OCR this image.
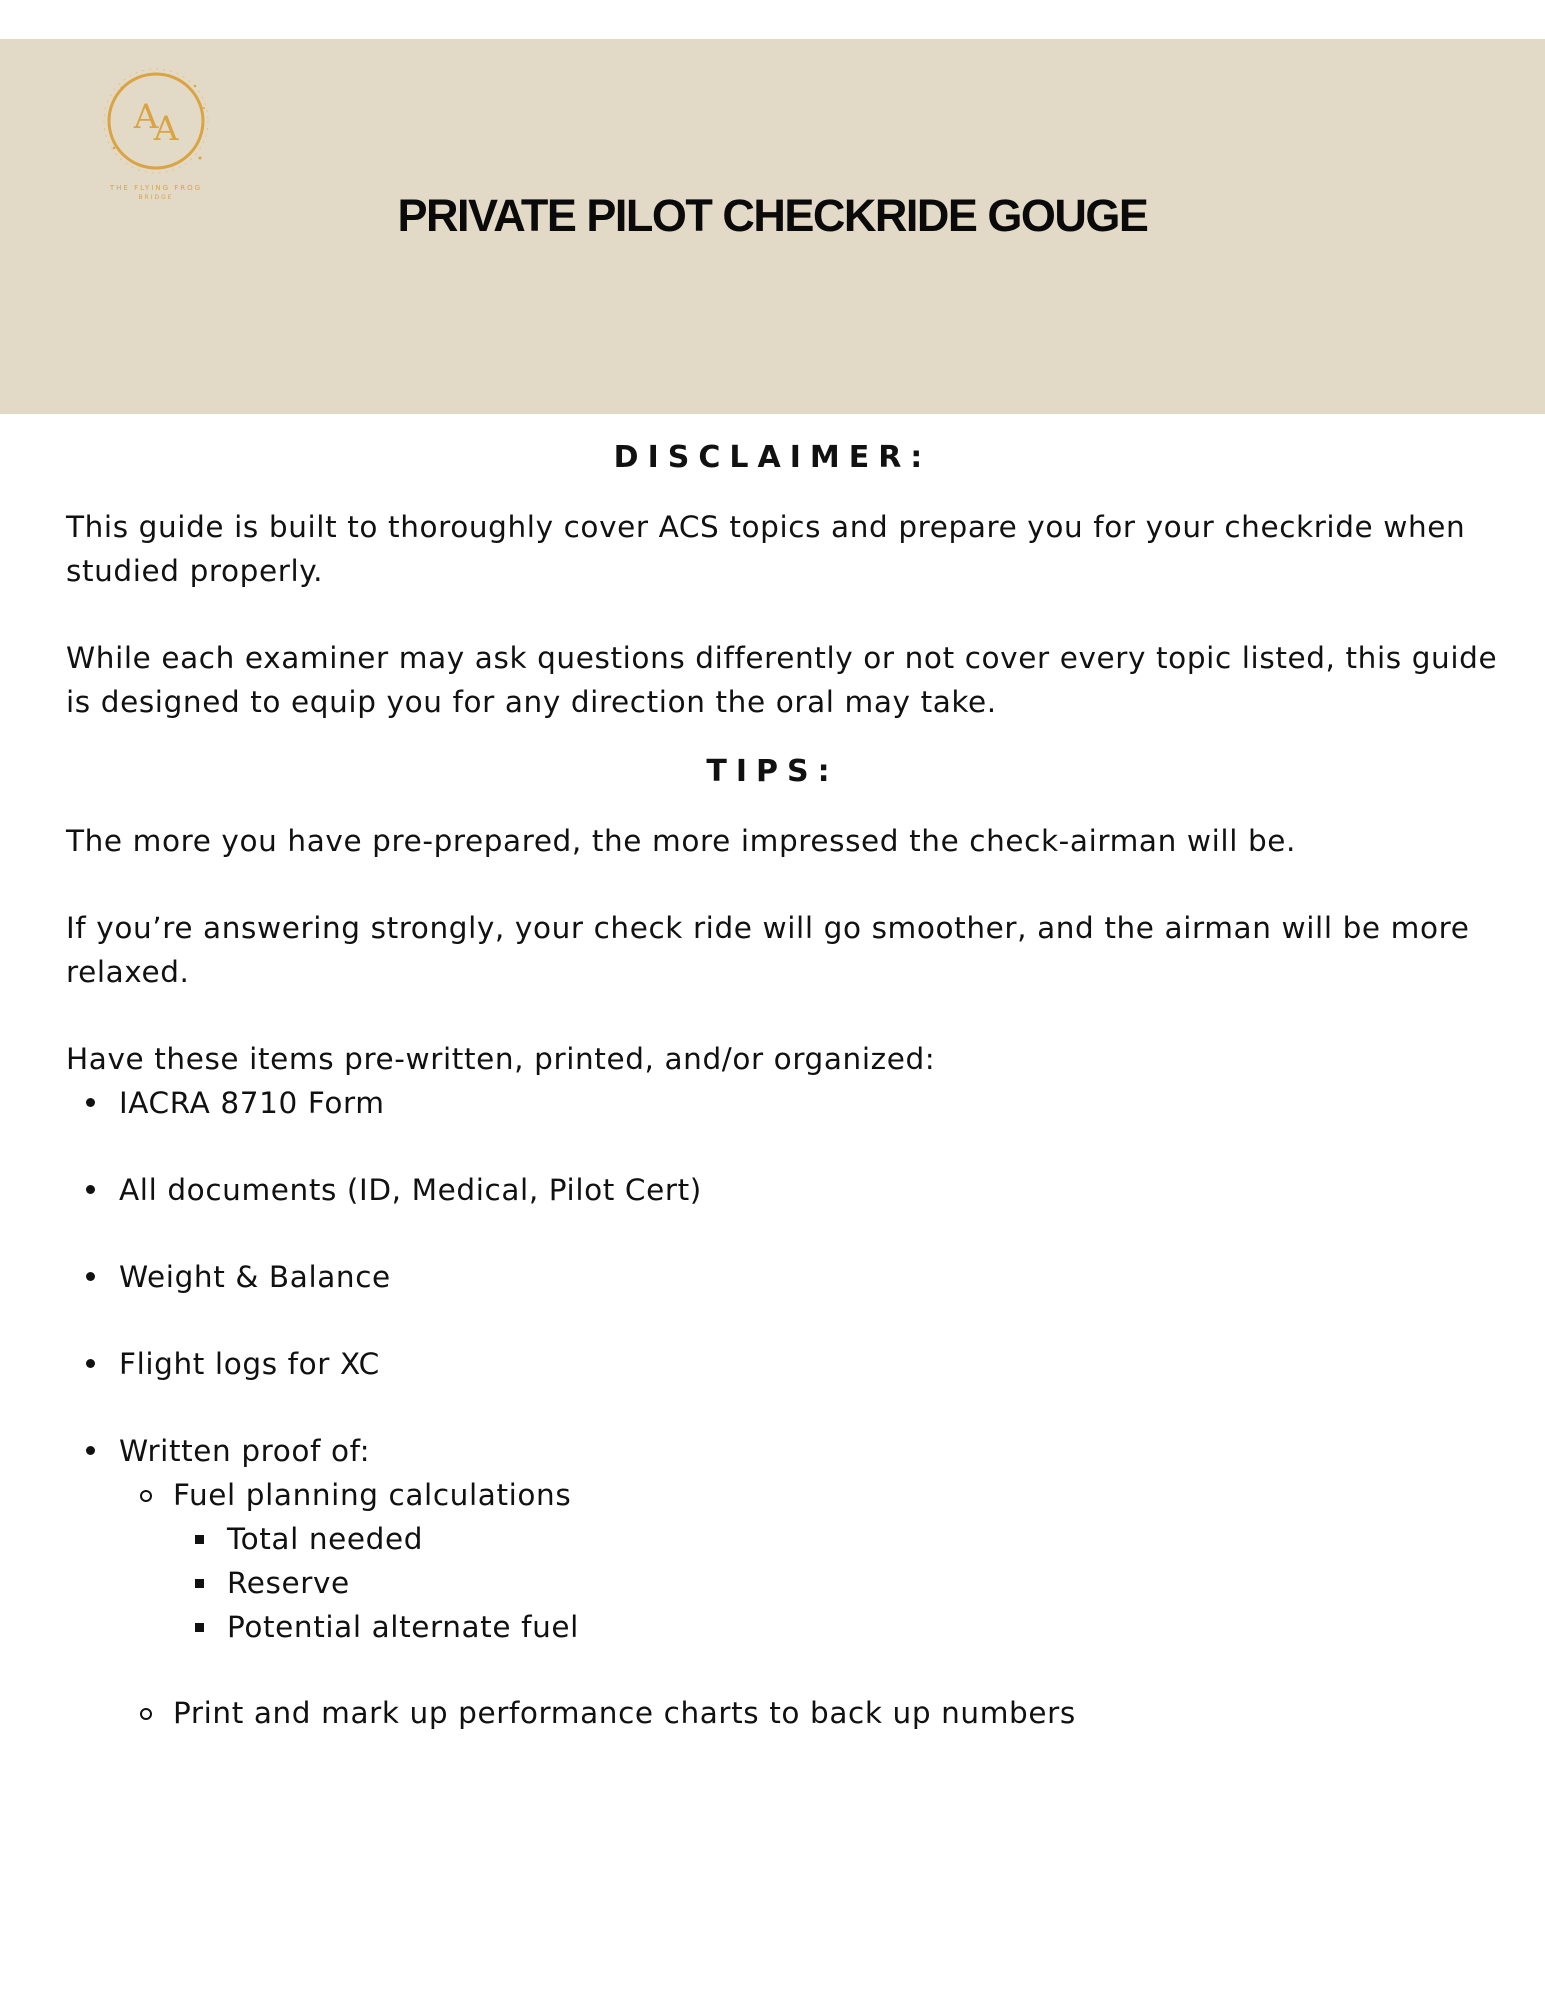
A
A
THE FLYING FROG
BRIDGE	PRIVATE PILOT CHECKRIDE GOUGE
DISCLAIMER:

This guide is built to thoroughly cover ACS topics and prepare you for your checkride when studied properly.

While each examiner may ask questions differently or not cover every topic listed, this guide is designed to equip you for any direction the oral may take.

TIPS:

The more you have pre-prepared, the more impressed the check-airman will be.

If you’re answering strongly, your check ride will go smoother, and the airman will be more relaxed.

Have these items pre-written, printed, and/or organized:

IACRA 8710 Form
All documents (ID, Medical, Pilot Cert)
Weight & Balance
Flight logs for XC
Written proof of:
Fuel planning calculations
Total needed
Reserve
Potential alternate fuel
Print and mark up performance charts to back up numbers
